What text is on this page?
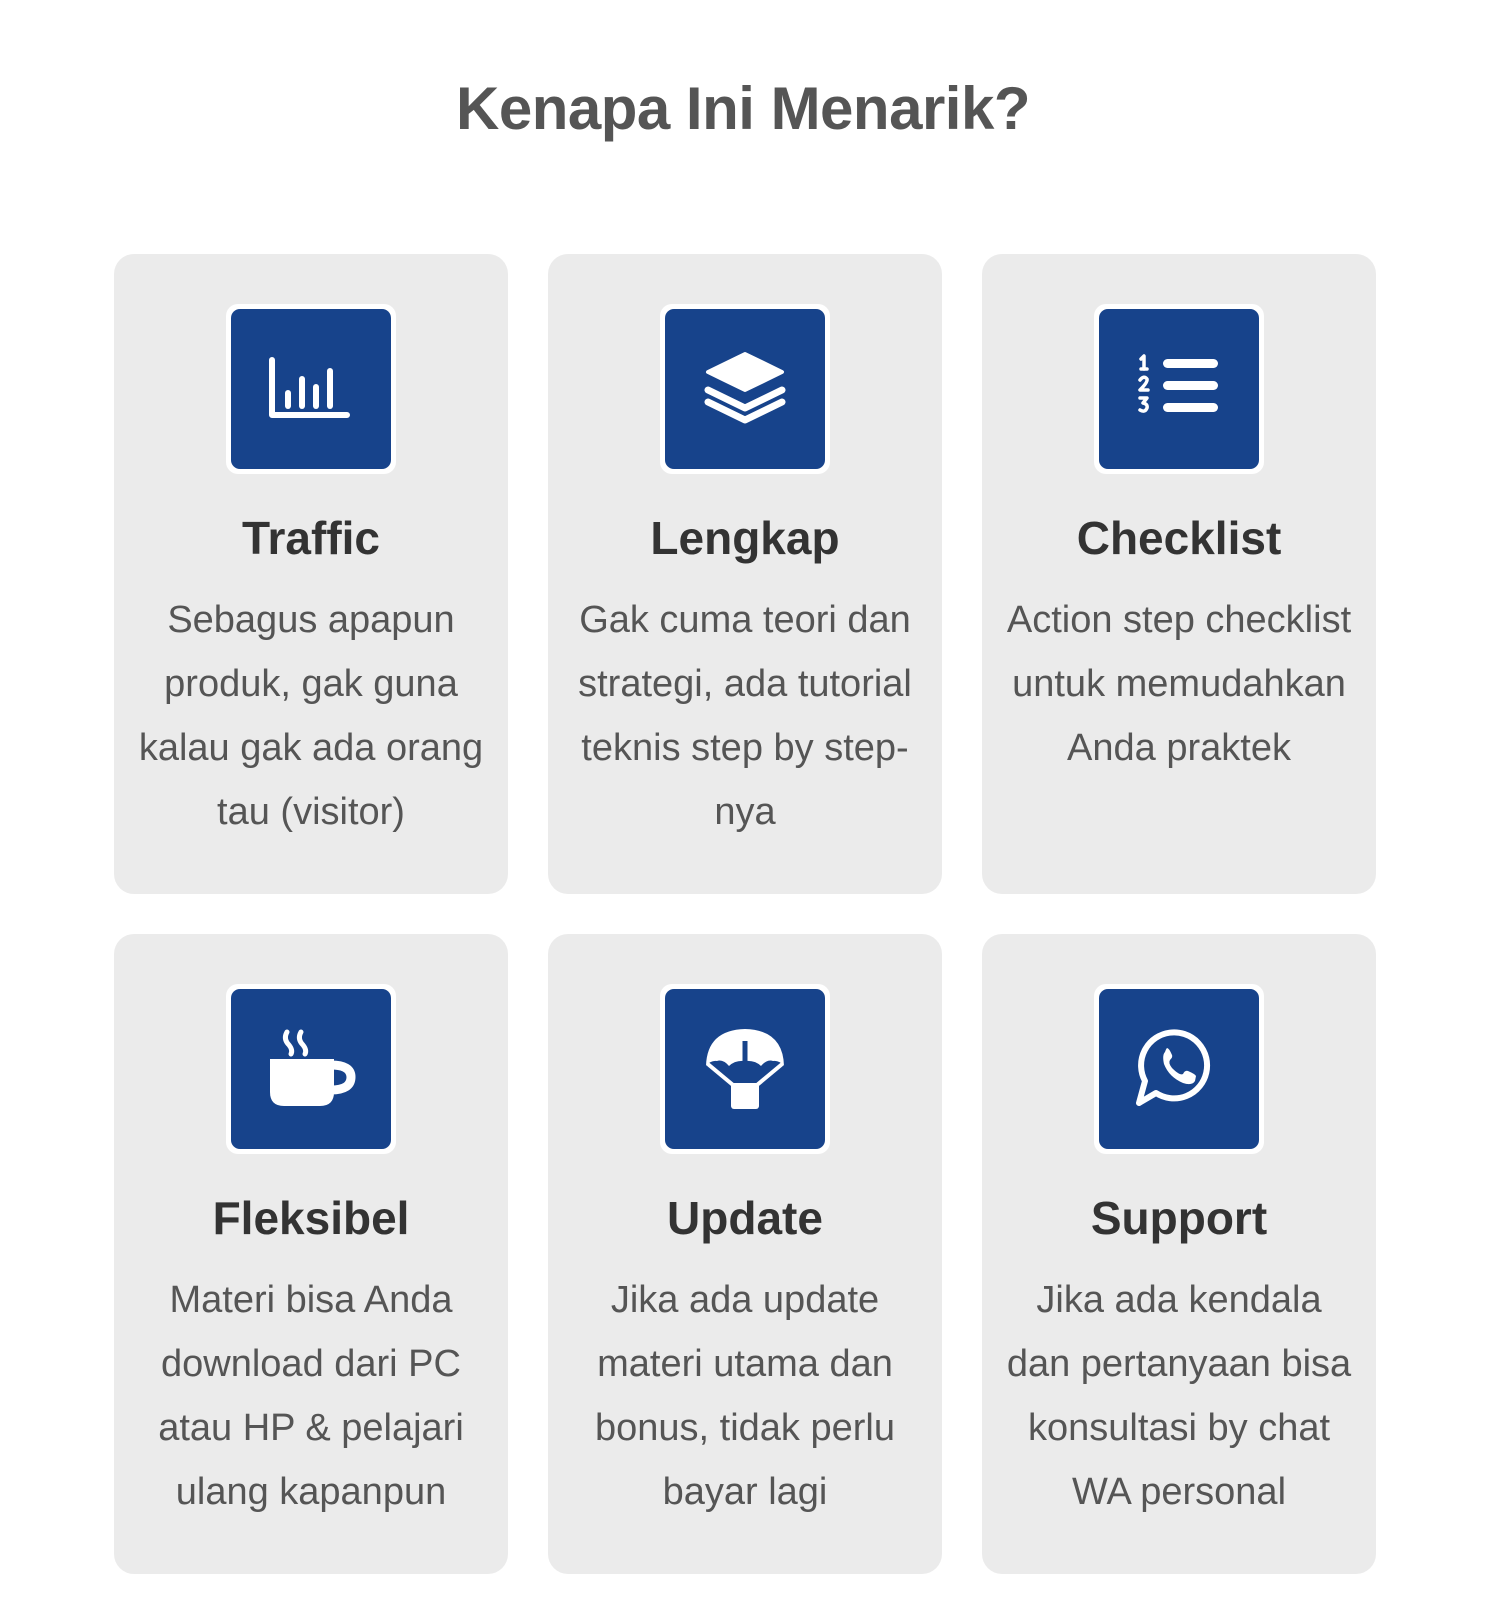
Kenapa Ini Menarik?
Traffic

Sebagus apapun produk, gak guna kalau gak ada orang tau (visitor)

Lengkap

Gak cuma teori dan strategi, ada tutorial teknis step by step-nya

Checklist

Action step checklist untuk memudahkan Anda praktek

Fleksibel

Materi bisa Anda download dari PC atau HP & pelajari ulang kapanpun

Update

Jika ada update materi utama dan bonus, tidak perlu bayar lagi

Support

Jika ada kendala dan pertanyaan bisa konsultasi by chat WA personal
